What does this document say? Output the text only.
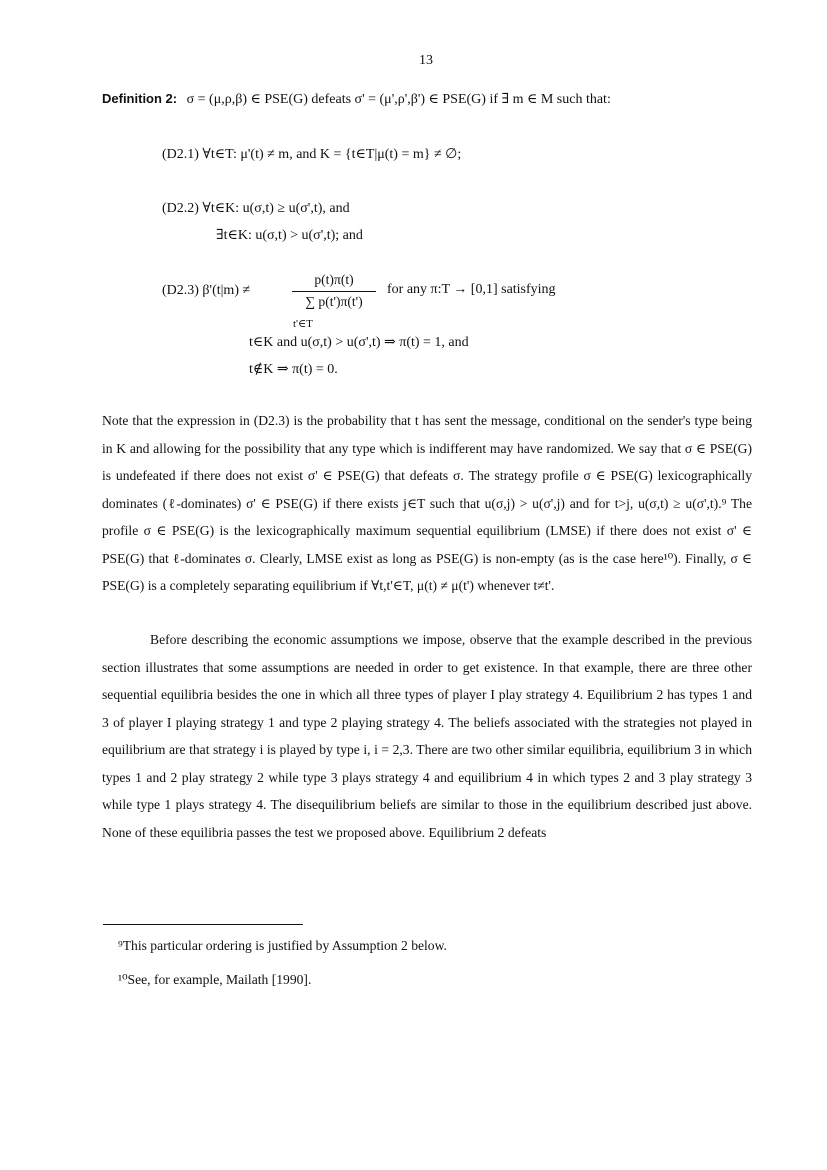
13
Definition 2: σ = (μ,ρ,β) ∈ PSE(G) defeats σ' = (μ',ρ',β') ∈ PSE(G) if ∃ m ∈ M such that:
(D2.1) ∀t∈T: μ'(t) ≠ m, and K = {t∈T|μ(t) = m} ≠ ∅;
(D2.2) ∀t∈K: u(σ,t) ≥ u(σ',t), and
∃t∈K: u(σ,t) > u(σ',t); and
(D2.3) β'(t|m) ≠
p(t)π(t)
∑ p(t')π(t')
t'∈T
for any π:T → [0,1] satisfying
t∈K and u(σ,t) > u(σ',t) ⇒ π(t) = 1, and
t∉K ⇒ π(t) = 0.
Note that the expression in (D2.3) is the probability that t has sent the message, conditional on the sender's type being in K and allowing for the possibility that any type which is indifferent may have randomized. We say that σ ∈ PSE(G) is undefeated if there does not exist σ' ∈ PSE(G) that defeats σ. The strategy profile σ ∈ PSE(G) lexicographically dominates (ℓ-dominates) σ' ∈ PSE(G) if there exists j∈T such that u(σ,j) > u(σ',j) and for t>j, u(σ,t) ≥ u(σ',t).⁹ The profile σ ∈ PSE(G) is the lexicographically maximum sequential equilibrium (LMSE) if there does not exist σ' ∈ PSE(G) that ℓ-dominates σ. Clearly, LMSE exist as long as PSE(G) is non-empty (as is the case here¹⁰). Finally, σ ∈ PSE(G) is a completely separating equilibrium if ∀t,t'∈T, μ(t) ≠ μ(t') whenever t≠t'.
Before describing the economic assumptions we impose, observe that the example described in the previous section illustrates that some assumptions are needed in order to get existence. In that example, there are three other sequential equilibria besides the one in which all three types of player I play strategy 4. Equilibrium 2 has types 1 and 3 of player I playing strategy 1 and type 2 playing strategy 4. The beliefs associated with the strategies not played in equilibrium are that strategy i is played by type i, i = 2,3. There are two other similar equilibria, equilibrium 3 in which types 1 and 2 play strategy 2 while type 3 plays strategy 4 and equilibrium 4 in which types 2 and 3 play strategy 3 while type 1 plays strategy 4. The disequilibrium beliefs are similar to those in the equilibrium described just above. None of these equilibria passes the test we proposed above. Equilibrium 2 defeats
⁹This particular ordering is justified by Assumption 2 below.
¹⁰See, for example, Mailath [1990].
